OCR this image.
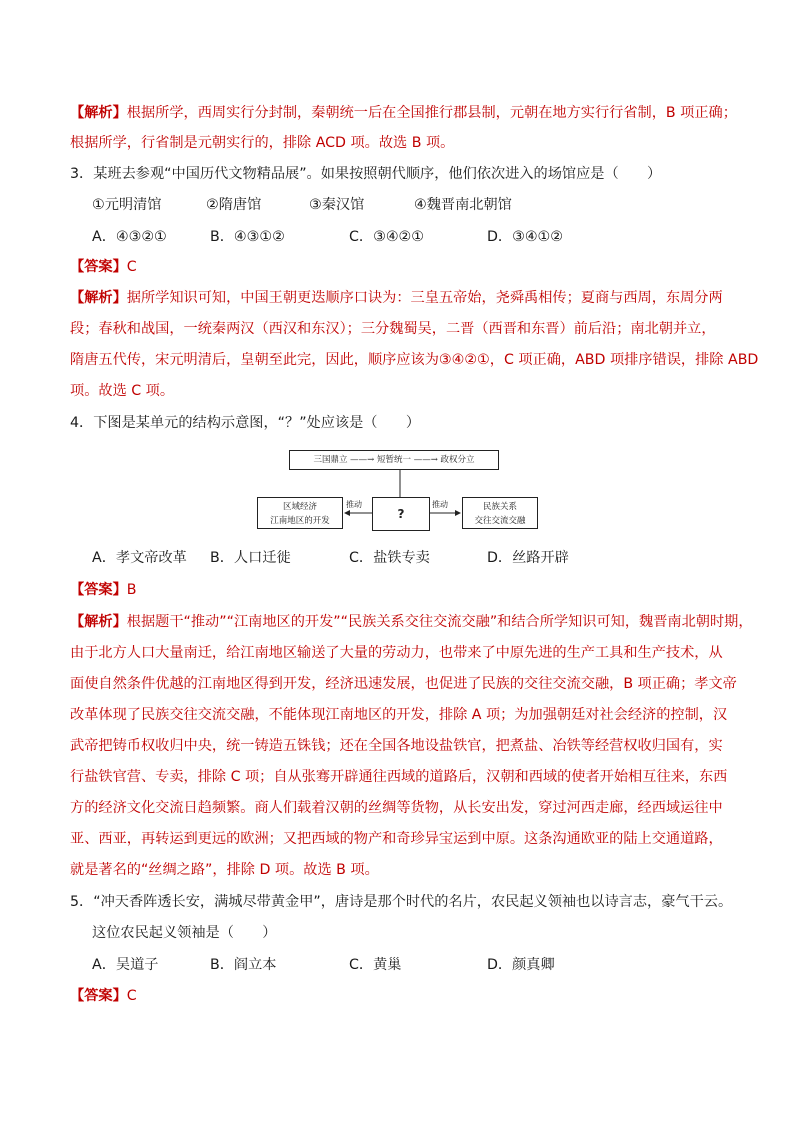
【解析】根据所学，西周实行分封制，秦朝统一后在全国推行郡县制，元朝在地方实行行省制，B 项正确；
根据所学，行省制是元朝实行的，排除 ACD 项。故选 B 项。
3．某班去参观“中国历代文物精品展”。如果按照朝代顺序，他们依次进入的场馆应是（　　）
①元明清馆	②隋唐馆	③秦汉馆	④魏晋南北朝馆
A．④③②①	B．④③①②	C．③④②①	D．③④①②
【答案】C
【解析】据所学知识可知，中国王朝更迭顺序口诀为：三皇五帝始，尧舜禹相传；夏商与西周，东周分两
段；春秋和战国，一统秦两汉（西汉和东汉）；三分魏蜀吴，二晋（西晋和东晋）前后沿；南北朝并立，
隋唐五代传，宋元明清后，皇朝至此完，因此，顺序应该为③④②①，C 项正确，ABD 项排序错误，排除 ABD
项。故选 C 项。
4．下图是某单元的结构示意图，“？”处应该是（　　）
三国鼎立 ——→ 短暂统一 ——→ 政权分立
区域经济
江南地区的开发	?	民族关系
交往交流交融
推动	推动
A．孝文帝改革 B．人口迁徙	C．盐铁专卖	D．丝路开辟
【答案】B
【解析】根据题干“推动”“江南地区的开发”“民族关系交往交流交融”和结合所学知识可知，魏晋南北朝时期，
由于北方人口大量南迁，给江南地区输送了大量的劳动力，也带来了中原先进的生产工具和生产技术，从
面使自然条件优越的江南地区得到开发，经济迅速发展，也促进了民族的交往交流交融，B 项正确；孝文帝
改革体现了民族交往交流交融，不能体现江南地区的开发，排除 A 项；为加强朝廷对社会经济的控制，汉
武帝把铸币权收归中央，统一铸造五铢钱；还在全国各地设盐铁官，把煮盐、冶铁等经营权收归国有，实
行盐铁官营、专卖，排除 C 项；自从张骞开辟通往西域的道路后，汉朝和西域的使者开始相互往来，东西
方的经济文化交流日趋频繁。商人们载着汉朝的丝绸等货物，从长安出发，穿过河西走廊，经西域运往中
亚、西亚，再转运到更远的欧洲；又把西域的物产和奇珍异宝运到中原。这条沟通欧亚的陆上交通道路，
就是著名的“丝绸之路”，排除 D 项。故选 B 项。
5．“冲天香阵透长安，满城尽带黄金甲”，唐诗是那个时代的名片，农民起义领袖也以诗言志，豪气干云。
这位农民起义领袖是（　　）
A．吴道子	B．阎立本	C．黄巢	D．颜真卿
【答案】C
